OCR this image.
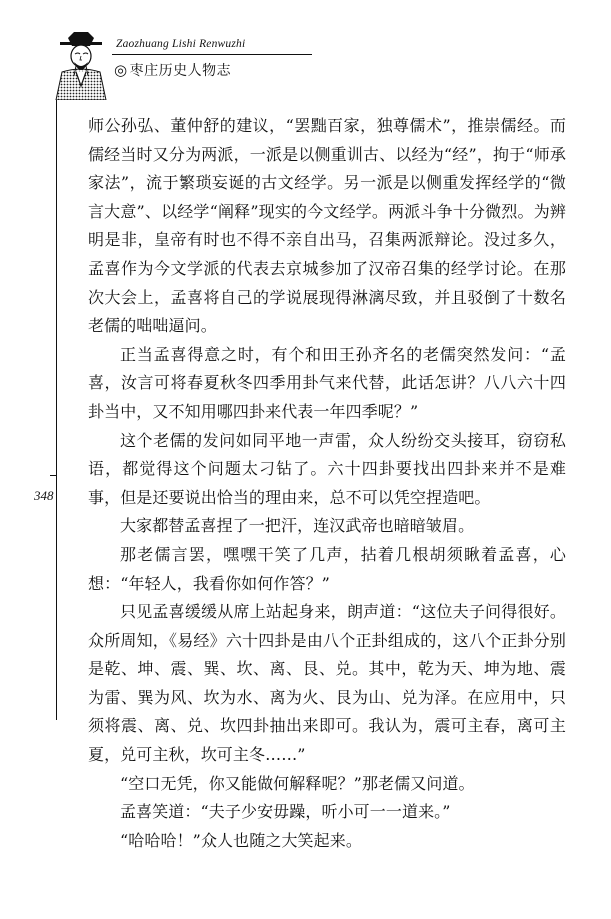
Zaozhuang Lishi Renwuzhi
◎ 枣庄历史人物志
348

师公孙弘、董仲舒的建议，“罢黜百家，独尊儒术”，推崇儒经。而儒经当时又分为两派，一派是以侧重训古、以经为“经”，拘于“师承家法”，流于繁琐妄诞的古文经学。另一派是以侧重发挥经学的“微言大意”、以经学“阐释”现实的今文经学。两派斗争十分微烈。为辨明是非，皇帝有时也不得不亲自出马，召集两派辩论。没过多久，孟喜作为今文学派的代表去京城参加了汉帝召集的经学讨论。在那次大会上，孟喜将自己的学说展现得淋漓尽致，并且驳倒了十数名老儒的咄咄逼问。

正当孟喜得意之时，有个和田王孙齐名的老儒突然发问：“孟喜，汝言可将春夏秋冬四季用卦气来代替，此话怎讲？八八六十四卦当中，又不知用哪四卦来代表一年四季呢？”

这个老儒的发问如同平地一声雷，众人纷纷交头接耳，窃窃私语，都觉得这个问题太刁钻了。六十四卦要找出四卦来并不是难事，但是还要说出恰当的理由来，总不可以凭空捏造吧。

大家都替孟喜捏了一把汗，连汉武帝也暗暗皱眉。

那老儒言罢，嘿嘿干笑了几声，拈着几根胡须瞅着孟喜，心想：“年轻人，我看你如何作答？”

只见孟喜缓缓从席上站起身来，朗声道：“这位夫子问得很好。众所周知，《易经》六十四卦是由八个正卦组成的，这八个正卦分别是乾、坤、震、巽、坎、离、艮、兑。其中，乾为天、坤为地、震为雷、巽为风、坎为水、离为火、艮为山、兑为泽。在应用中，只须将震、离、兑、坎四卦抽出来即可。我认为，震可主春，离可主夏，兑可主秋，坎可主冬……”

“空口无凭，你又能做何解释呢？”那老儒又问道。

孟喜笑道：“夫子少安毋躁，听小可一一道来。”

“哈哈哈！”众人也随之大笑起来。
